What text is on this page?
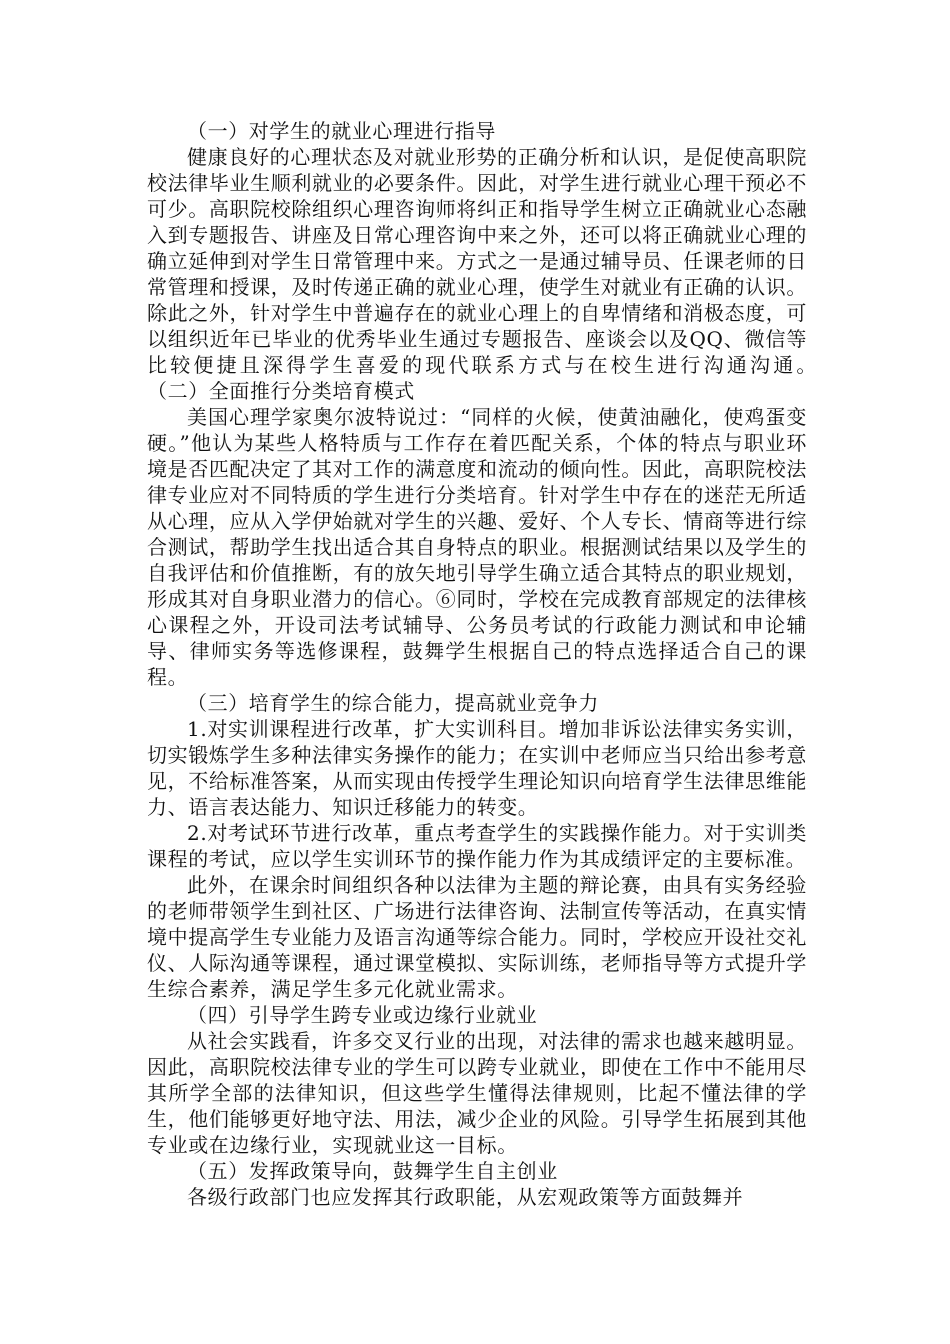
（一）对学生的就业心理进行指导

健康良好的心理状态及对就业形势的正确分析和认识，是促使高职院校法律毕业生顺利就业的必要条件。因此，对学生进行就业心理干预必不可少。高职院校除组织心理咨询师将纠正和指导学生树立正确就业心态融入到专题报告、讲座及日常心理咨询中来之外，还可以将正确就业心理的确立延伸到对学生日常管理中来。方式之一是通过辅导员、任课老师的日常管理和授课，及时传递正确的就业心理，使学生对就业有正确的认识。除此之外，针对学生中普遍存在的就业心理上的自卑情绪和消极态度，可以组织近年已毕业的优秀毕业生通过专题报告、座谈会以及QQ、微信等比较便捷且深得学生喜爱的现代联系方式与在校生进行沟通沟通。　　　　（二）全面推行分类培育模式

美国心理学家奥尔波特说过：“同样的火候，使黄油融化，使鸡蛋变硬。”他认为某些人格特质与工作存在着匹配关系，个体的特点与职业环境是否匹配决定了其对工作的满意度和流动的倾向性。因此，高职院校法律专业应对不同特质的学生进行分类培育。针对学生中存在的迷茫无所适从心理，应从入学伊始就对学生的兴趣、爱好、个人专长、情商等进行综合测试，帮助学生找出适合其自身特点的职业。根据测试结果以及学生的自我评估和价值推断，有的放矢地引导学生确立适合其特点的职业规划，形成其对自身职业潜力的信心。⑥同时，学校在完成教育部规定的法律核心课程之外，开设司法考试辅导、公务员考试的行政能力测试和申论辅导、律师实务等选修课程，鼓舞学生根据自己的特点选择适合自己的课程。

（三）培育学生的综合能力，提高就业竞争力

1.对实训课程进行改革，扩大实训科目。增加非诉讼法律实务实训，切实锻炼学生多种法律实务操作的能力；在实训中老师应当只给出参考意见，不给标准答案，从而实现由传授学生理论知识向培育学生法律思维能力、语言表达能力、知识迁移能力的转变。

2.对考试环节进行改革，重点考查学生的实践操作能力。对于实训类课程的考试，应以学生实训环节的操作能力作为其成绩评定的主要标准。

此外，在课余时间组织各种以法律为主题的辩论赛，由具有实务经验的老师带领学生到社区、广场进行法律咨询、法制宣传等活动，在真实情境中提高学生专业能力及语言沟通等综合能力。同时，学校应开设社交礼仪、人际沟通等课程，通过课堂模拟、实际训练，老师指导等方式提升学生综合素养，满足学生多元化就业需求。

（四）引导学生跨专业或边缘行业就业

从社会实践看，许多交叉行业的出现，对法律的需求也越来越明显。因此，高职院校法律专业的学生可以跨专业就业，即使在工作中不能用尽其所学全部的法律知识，但这些学生懂得法律规则，比起不懂法律的学生，他们能够更好地守法、用法，减少企业的风险。引导学生拓展到其他专业或在边缘行业，实现就业这一目标。

（五）发挥政策导向，鼓舞学生自主创业

各级行政部门也应发挥其行政职能，从宏观政策等方面鼓舞并
